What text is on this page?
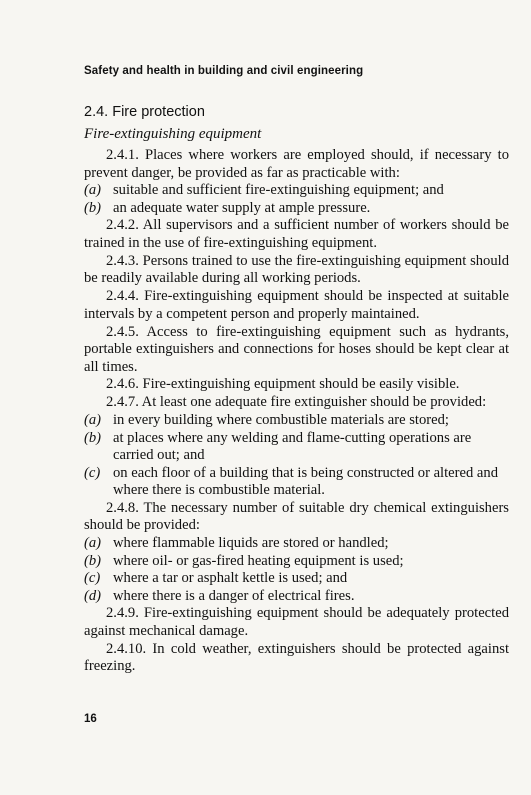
Safety and health in building and civil engineering
2.4. Fire protection
Fire-extinguishing equipment

2.4.1. Places where workers are employed should, if necessary to prevent danger, be provided as far as practicable with:

(a) suitable and sufficient fire-extinguishing equipment; and

(b) an adequate water supply at ample pressure.

2.4.2. All supervisors and a sufficient number of workers should be trained in the use of fire-extinguishing equipment.

2.4.3. Persons trained to use the fire-extinguishing equipment should be readily available during all working periods.

2.4.4. Fire-extinguishing equipment should be inspected at suitable intervals by a competent person and properly maintained.

2.4.5. Access to fire-extinguishing equipment such as hydrants, portable extinguishers and connections for hoses should be kept clear at all times.

2.4.6. Fire-extinguishing equipment should be easily visible.

2.4.7. At least one adequate fire extinguisher should be provided:

(a) in every building where combustible materials are stored;

(b) at places where any welding and flame-cutting operations are carried out; and

(c) on each floor of a building that is being constructed or altered and where there is combustible material.

2.4.8. The necessary number of suitable dry chemical extinguishers should be provided:

(a) where flammable liquids are stored or handled;

(b) where oil- or gas-fired heating equipment is used;

(c) where a tar or asphalt kettle is used; and

(d) where there is a danger of electrical fires.

2.4.9. Fire-extinguishing equipment should be adequately protected against mechanical damage.

2.4.10. In cold weather, extinguishers should be protected against freezing.

16
